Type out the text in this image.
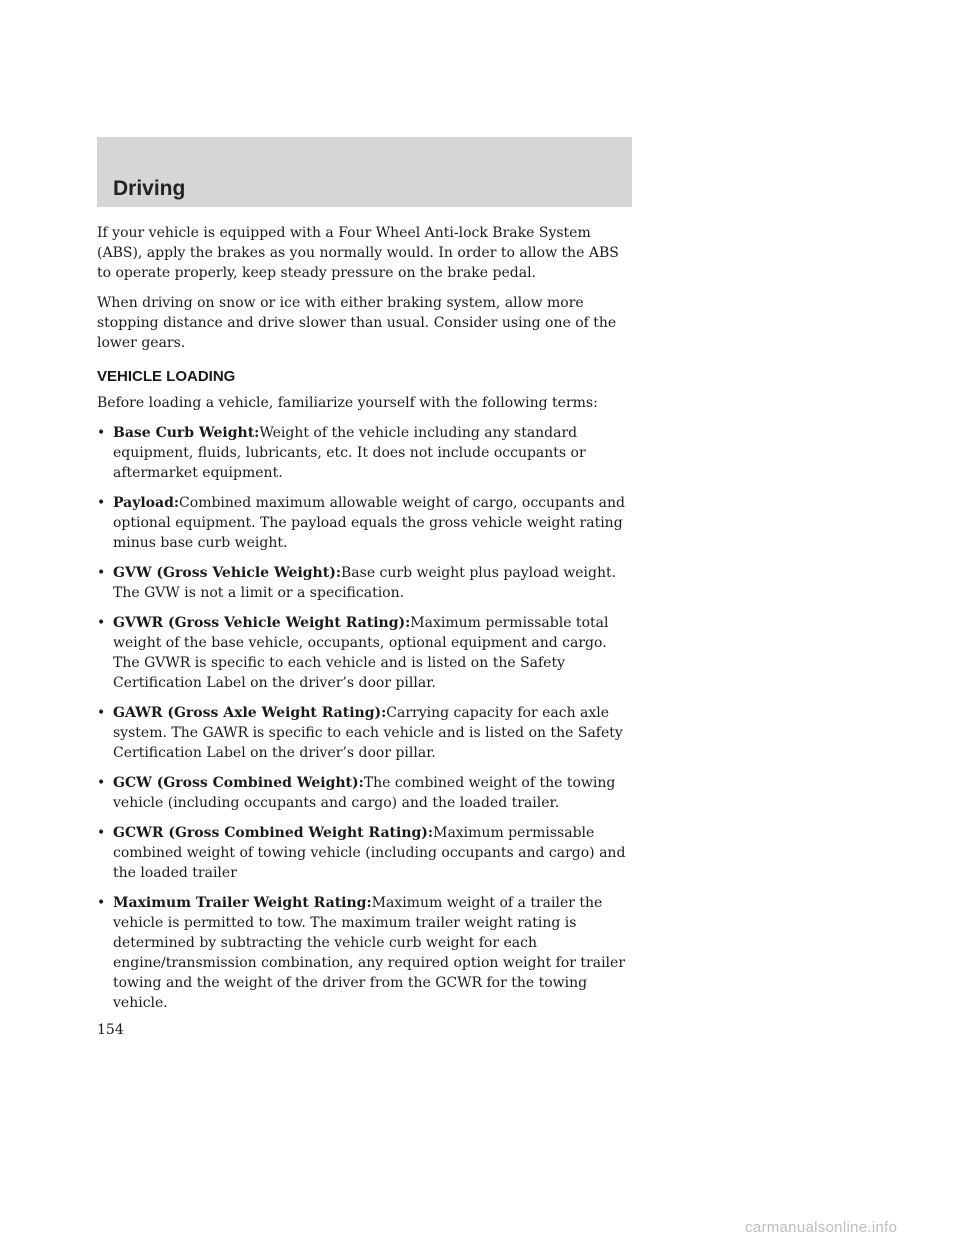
Driving

If your vehicle is equipped with a Four Wheel Anti-lock Brake System (ABS), apply the brakes as you normally would. In order to allow the ABS to operate properly, keep steady pressure on the brake pedal.

When driving on snow or ice with either braking system, allow more stopping distance and drive slower than usual. Consider using one of the lower gears.

VEHICLE LOADING

Before loading a vehicle, familiarize yourself with the following terms:

• Base Curb Weight:Weight of the vehicle including any standard equipment, fluids, lubricants, etc. It does not include occupants or aftermarket equipment.
• Payload:Combined maximum allowable weight of cargo, occupants and optional equipment. The payload equals the gross vehicle weight rating minus base curb weight.
• GVW (Gross Vehicle Weight):Base curb weight plus payload weight. The GVW is not a limit or a specification.
• GVWR (Gross Vehicle Weight Rating):Maximum permissable total weight of the base vehicle, occupants, optional equipment and cargo. The GVWR is specific to each vehicle and is listed on the Safety Certification Label on the driver’s door pillar.
• GAWR (Gross Axle Weight Rating):Carrying capacity for each axle system. The GAWR is specific to each vehicle and is listed on the Safety Certification Label on the driver’s door pillar.
• GCW (Gross Combined Weight):The combined weight of the towing vehicle (including occupants and cargo) and the loaded trailer.
• GCWR (Gross Combined Weight Rating):Maximum permissable combined weight of towing vehicle (including occupants and cargo) and the loaded trailer
• Maximum Trailer Weight Rating:Maximum weight of a trailer the vehicle is permitted to tow. The maximum trailer weight rating is determined by subtracting the vehicle curb weight for each engine/transmission combination, any required option weight for trailer towing and the weight of the driver from the GCWR for the towing vehicle.
154
carmanualsonline.info
